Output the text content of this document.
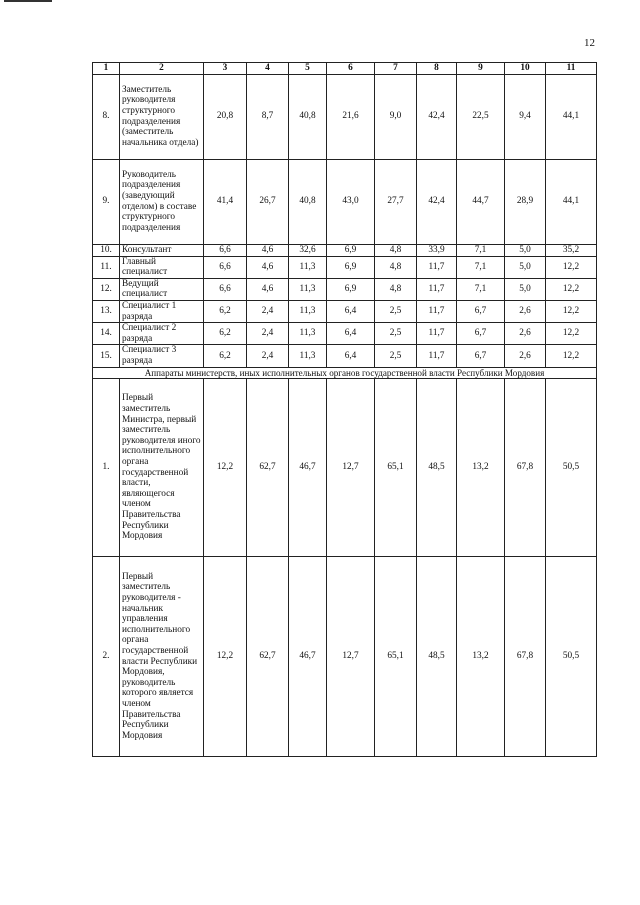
12
1	2	3	4	5	6	7	8	9	10	11
8.	Заместитель руководителя структурного подразделения (заместитель начальника отдела)	20,8	8,7	40,8	21,6	9,0	42,4	22,5	9,4	44,1
9.	Руководитель подразделения (заведующий отделом) в составе структурного подразделения	41,4	26,7	40,8	43,0	27,7	42,4	44,7	28,9	44,1
10.	Консультант	6,6	4,6	32,6	6,9	4,8	33,9	7,1	5,0	35,2
11.	Главный специалист	6,6	4,6	11,3	6,9	4,8	11,7	7,1	5,0	12,2
12.	Ведущий специалист	6,6	4,6	11,3	6,9	4,8	11,7	7,1	5,0	12,2
13.	Специалист 1 разряда	6,2	2,4	11,3	6,4	2,5	11,7	6,7	2,6	12,2
14.	Специалист 2 разряда	6,2	2,4	11,3	6,4	2,5	11,7	6,7	2,6	12,2
15.	Специалист 3 разряда	6,2	2,4	11,3	6,4	2,5	11,7	6,7	2,6	12,2
Аппараты министерств, иных исполнительных органов государственной власти Республики Мордовия										
1.	Первый заместитель Министра, первый заместитель руководителя иного исполнительного органа государственной власти, являющегося членом Правительства Республики Мордовия	12,2	62,7	46,7	12,7	65,1	48,5	13,2	67,8	50,5
2.	Первый заместитель руководителя - начальник управления исполнительного органа государственной власти Республики Мордовия, руководитель которого является членом Правительства Республики Мордовия	12,2	62,7	46,7	12,7	65,1	48,5	13,2	67,8	50,5
